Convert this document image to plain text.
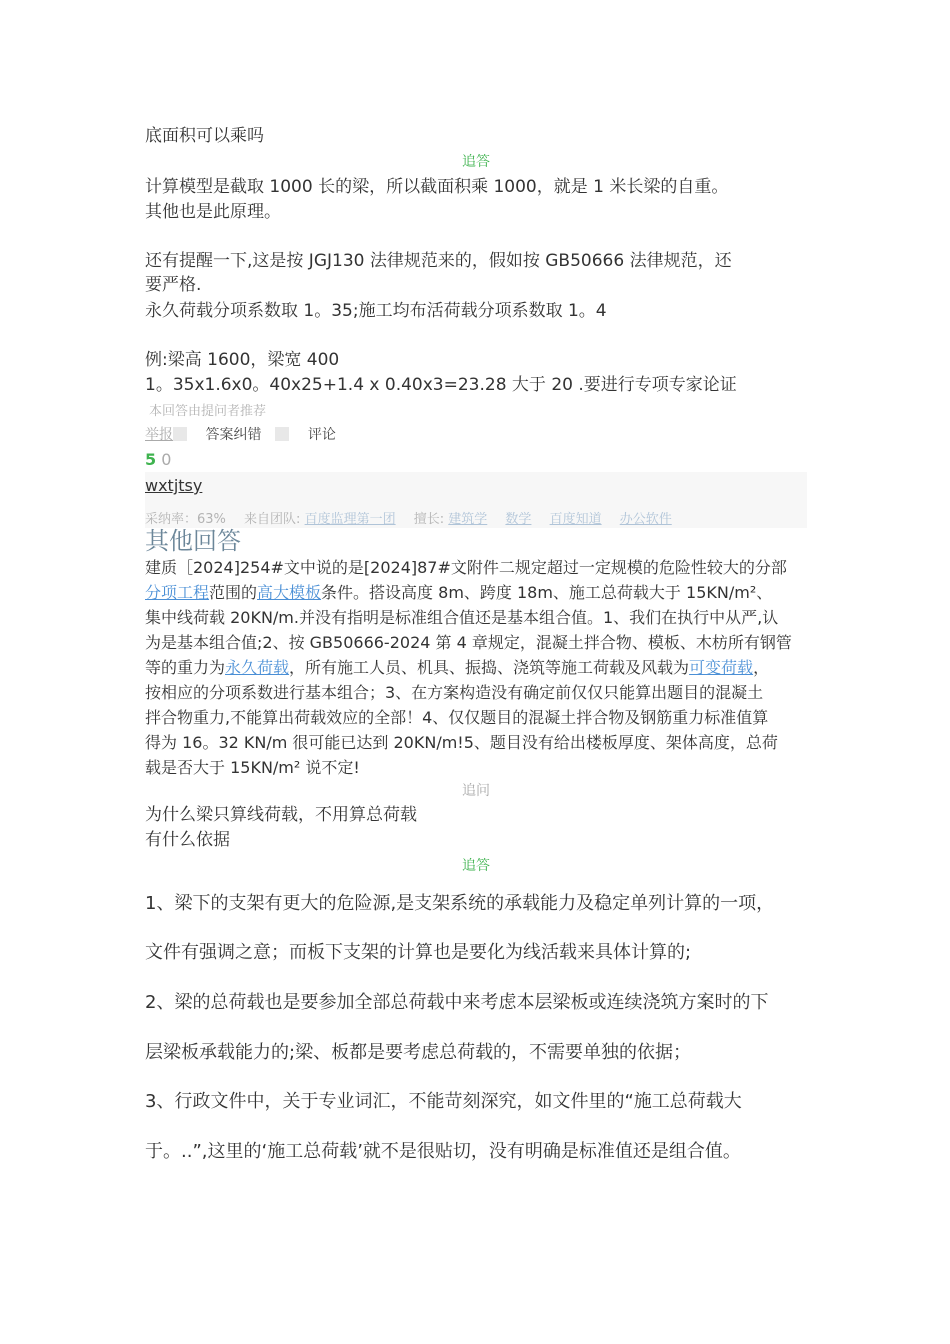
底面积可以乘吗
追答
计算模型是截取 1000 长的梁，所以截面积乘 1000，就是 1 米长梁的自重。
其他也是此原理。
还有提醒一下,这是按 JGJ130 法律规范来的，假如按 GB50666 法律规范，还
要严格.
永久荷载分项系数取 1。35;施工均布活荷载分项系数取 1。4
例:梁高 1600，梁宽 400
1。35x1.6x0。40x25+1.4 x 0.40x3=23.28 大于 20 .要进行专项专家论证
本回答由提问者推荐
举报 答案纠错	评论
5 0
wxtjtsy
采纳率：63% 来自团队: 百度监理第一团 擅长: 建筑学 数学 百度知道 办公软件
其他回答
建质［2024]254#文中说的是[2024]87#文附件二规定超过一定规模的危险性较大的分部
分项工程范围的高大模板条件。搭设高度 8m、跨度 18m、施工总荷载大于 15KN/m²、
集中线荷载 20KN/m.并没有指明是标准组合值还是基本组合值。1、我们在执行中从严,认
为是基本组合值;2、按 GB50666-2024 第 4 章规定，混凝土拌合物、模板、木枋所有钢管
等的重力为永久荷载，所有施工人员、机具、振捣、浇筑等施工荷载及风载为可变荷载，
按相应的分项系数进行基本组合；3、在方案构造没有确定前仅仅只能算出题目的混凝土
拌合物重力,不能算出荷载效应的全部！4、仅仅题目的混凝土拌合物及钢筋重力标准值算
得为 16。32 KN/m 很可能已达到 20KN/m!5、题目没有给出楼板厚度、架体高度，总荷
载是否大于 15KN/m² 说不定!
追问
为什么梁只算线荷载，不用算总荷载
有什么依据
追答
1、梁下的支架有更大的危险源,是支架系统的承载能力及稳定单列计算的一项，
文件有强调之意；而板下支架的计算也是要化为线活载来具体计算的;
2、梁的总荷载也是要参加全部总荷载中来考虑本层梁板或连续浇筑方案时的下
层梁板承载能力的;梁、板都是要考虑总荷载的，不需要单独的依据；
3、行政文件中，关于专业词汇，不能苛刻深究，如文件里的“施工总荷载大
于。..”,这里的‘施工总荷载’就不是很贴切，没有明确是标准值还是组合值。
